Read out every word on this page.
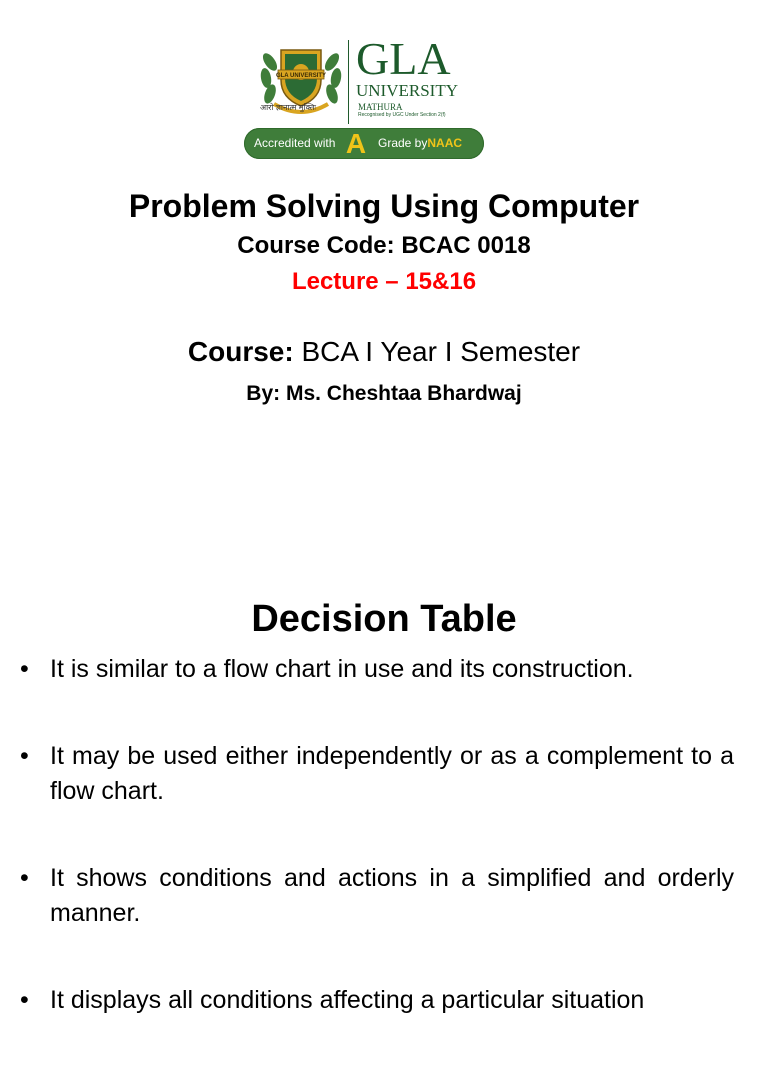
GLA UNIVERSITY
आरो ज्ञानात्म मुक्तिः
GLA
UNIVERSITY
MATHURA
Recognised by UGC Under Section 2(f)
Accredited with A Grade byNAAC
Problem Solving Using Computer
Course Code: BCAC 0018
Lecture – 15&16
Course: BCA I Year I Semester
By: Ms. Cheshtaa Bhardwaj
Decision Table
• It is similar to a flow chart in use and its construction.
• It may be used either independently or as a complement to a flow chart.
• It shows conditions and actions in a simplified and orderly manner.
• It displays all conditions affecting a particular situation
